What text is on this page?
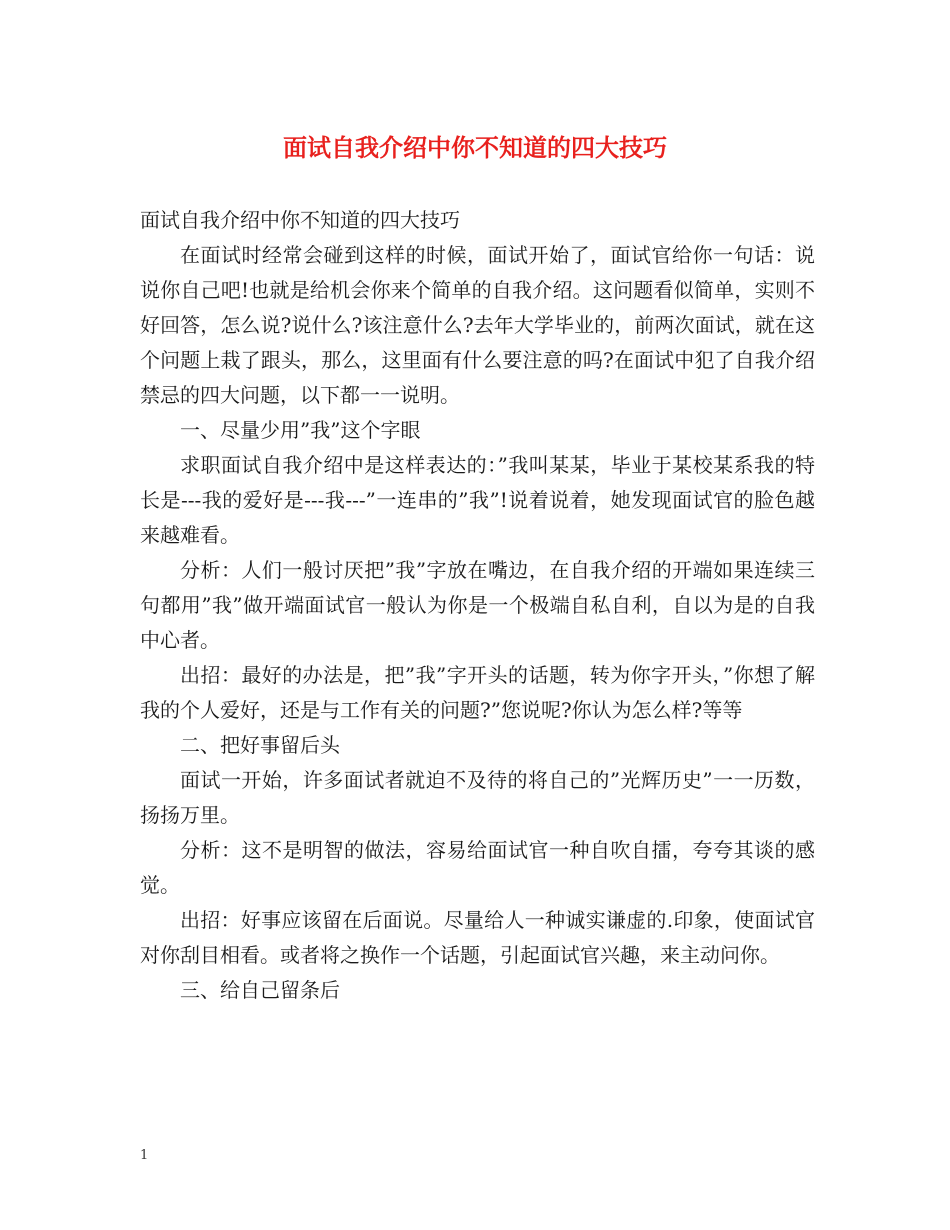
面试自我介绍中你不知道的四大技巧

面试自我介绍中你不知道的四大技巧

在面试时经常会碰到这样的时候，面试开始了，面试官给你一句话：说说你自己吧!也就是给机会你来个简单的自我介绍。这问题看似简单，实则不好回答，怎么说?说什么?该注意什么?去年大学毕业的，前两次面试，就在这个问题上栽了跟头，那么，这里面有什么要注意的吗?在面试中犯了自我介绍禁忌的四大问题，以下都一一说明。

一、尽量少用”我”这个字眼

求职面试自我介绍中是这样表达的：”我叫某某，毕业于某校某系我的特长是---我的爱好是---我---”一连串的”我”!说着说着，她发现面试官的脸色越来越难看。

分析：人们一般讨厌把”我”字放在嘴边，在自我介绍的开端如果连续三句都用”我”做开端面试官一般认为你是一个极端自私自利，自以为是的自我中心者。

出招：最好的办法是，把”我”字开头的话题，转为你字开头，”你想了解我的个人爱好，还是与工作有关的问题?”您说呢?你认为怎么样?等等

二、把好事留后头

面试一开始，许多面试者就迫不及待的将自己的”光辉历史”一一历数，扬扬万里。

分析：这不是明智的做法，容易给面试官一种自吹自擂，夸夸其谈的感觉。

出招：好事应该留在后面说。尽量给人一种诚实谦虚的.印象，使面试官对你刮目相看。或者将之换作一个话题，引起面试官兴趣，来主动问你。

三、给自己留条后

1
